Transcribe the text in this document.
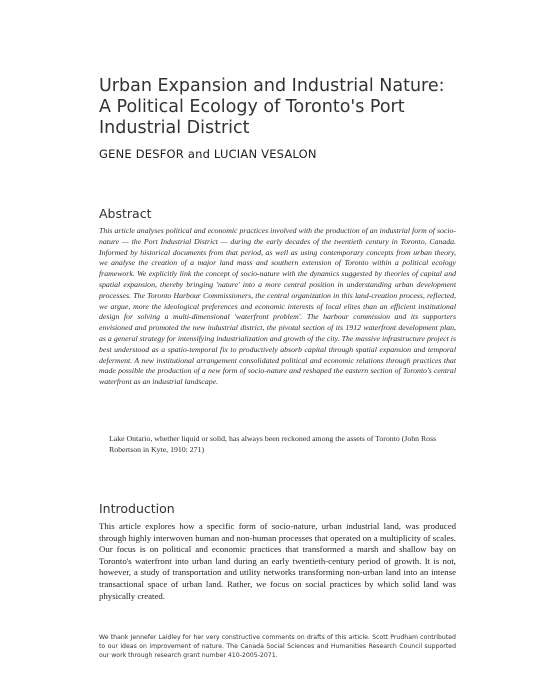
Urban Expansion and Industrial Nature: A Political Ecology of Toronto's Port Industrial District

GENE DESFOR and LUCIAN VESALON

Abstract

This article analyses political and economic practices involved with the production of an industrial form of socio-nature — the Port Industrial District — during the early decades of the twentieth century in Toronto, Canada. Informed by historical documents from that period, as well as using contemporary concepts from urban theory, we analyse the creation of a major land mass and southern extension of Toronto within a political ecology framework. We explicitly link the concept of socio-nature with the dynamics suggested by theories of capital and spatial expansion, thereby bringing 'nature' into a more central position in understanding urban development processes. The Toronto Harbour Commissioners, the central organization in this land-creation process, reflected, we argue, more the ideological preferences and economic interests of local elites than an efficient institutional design for solving a multi-dimensional 'waterfront problem'. The harbour commission and its supporters envisioned and promoted the new industrial district, the pivotal section of its 1912 waterfront development plan, as a general strategy for intensifying industrialization and growth of the city. The massive infrastructure project is best understood as a spatio-temporal fix to productively absorb capital through spatial expansion and temporal deferment. A new institutional arrangement consolidated political and economic relations through practices that made possible the production of a new form of socio-nature and reshaped the eastern section of Toronto's central waterfront as an industrial landscape.

Lake Ontario, whether liquid or solid, has always been reckoned among the assets of Toronto (John Ross Robertson in Kyte, 1910: 271)

Introduction

This article explores how a specific form of socio-nature, urban industrial land, was produced through highly interwoven human and non-human processes that operated on a multiplicity of scales. Our focus is on political and economic practices that transformed a marsh and shallow bay on Toronto's waterfront into urban land during an early twentieth-century period of growth. It is not, however, a study of transportation and utility networks transforming non-urban land into an intense transactional space of urban land. Rather, we focus on social practices by which solid land was physically created.

We thank Jennefer Laidley for her very constructive comments on drafts of this article. Scott Prudham contributed to our ideas on improvement of nature. The Canada Social Sciences and Humanities Research Council supported our work through research grant number 410-2005-2071.
